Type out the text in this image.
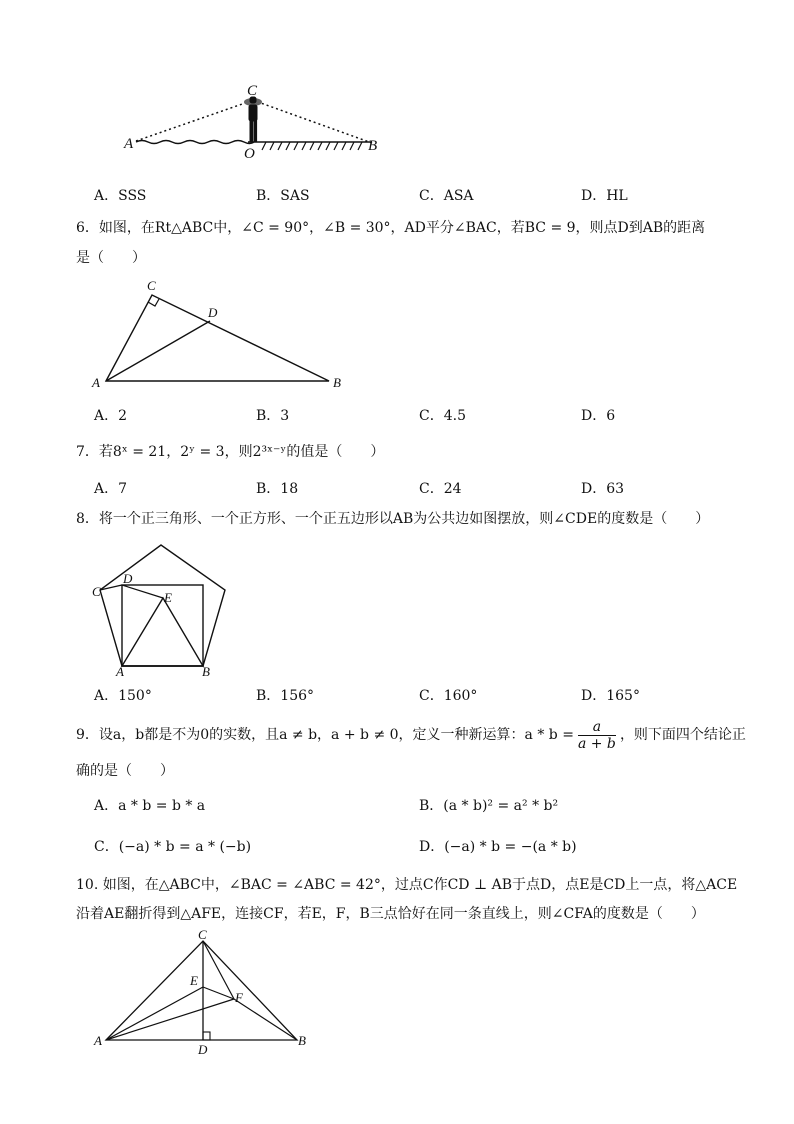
C
A
O	B
A．SSS	B．SAS	C．ASA	D．HL
6．如图，在Rt△ABC中，∠C = 90°，∠B = 30°，AD平分∠BAC，若BC = 9，则点D到AB的距离
是（　　）
C
D
A	B
A．2	B．3	C．4.5	D．6
7．若8ˣ = 21，2ʸ = 3，则2³ˣ⁻ʸ的值是（　　）
A．7	B．18	C．24	D．63
8．将一个正三角形、一个正方形、一个正五边形以AB为公共边如图摆放，则∠CDE的度数是（　　）
C
D
E
A	B
A．150°	B．156°	C．160°	D．165°
9．设a，b都是不为0的实数，且a ≠ b，a + b ≠ 0，定义一种新运算：a * b =
a
a + b
，则下面四个结论正
确的是（　　）
A．a * b = b * a	B．(a * b)² = a² * b²
C．(−a) * b = a * (−b)	D．(−a) * b = −(a * b)
10. 如图，在△ABC中，∠BAC = ∠ABC = 42°，过点C作CD ⊥ AB于点D，点E是CD上一点，将△ACE
沿着AE翻折得到△AFE，连接CF，若E，F，B三点恰好在同一条直线上，则∠CFA的度数是（　　）
C
E
F
A
D
B
